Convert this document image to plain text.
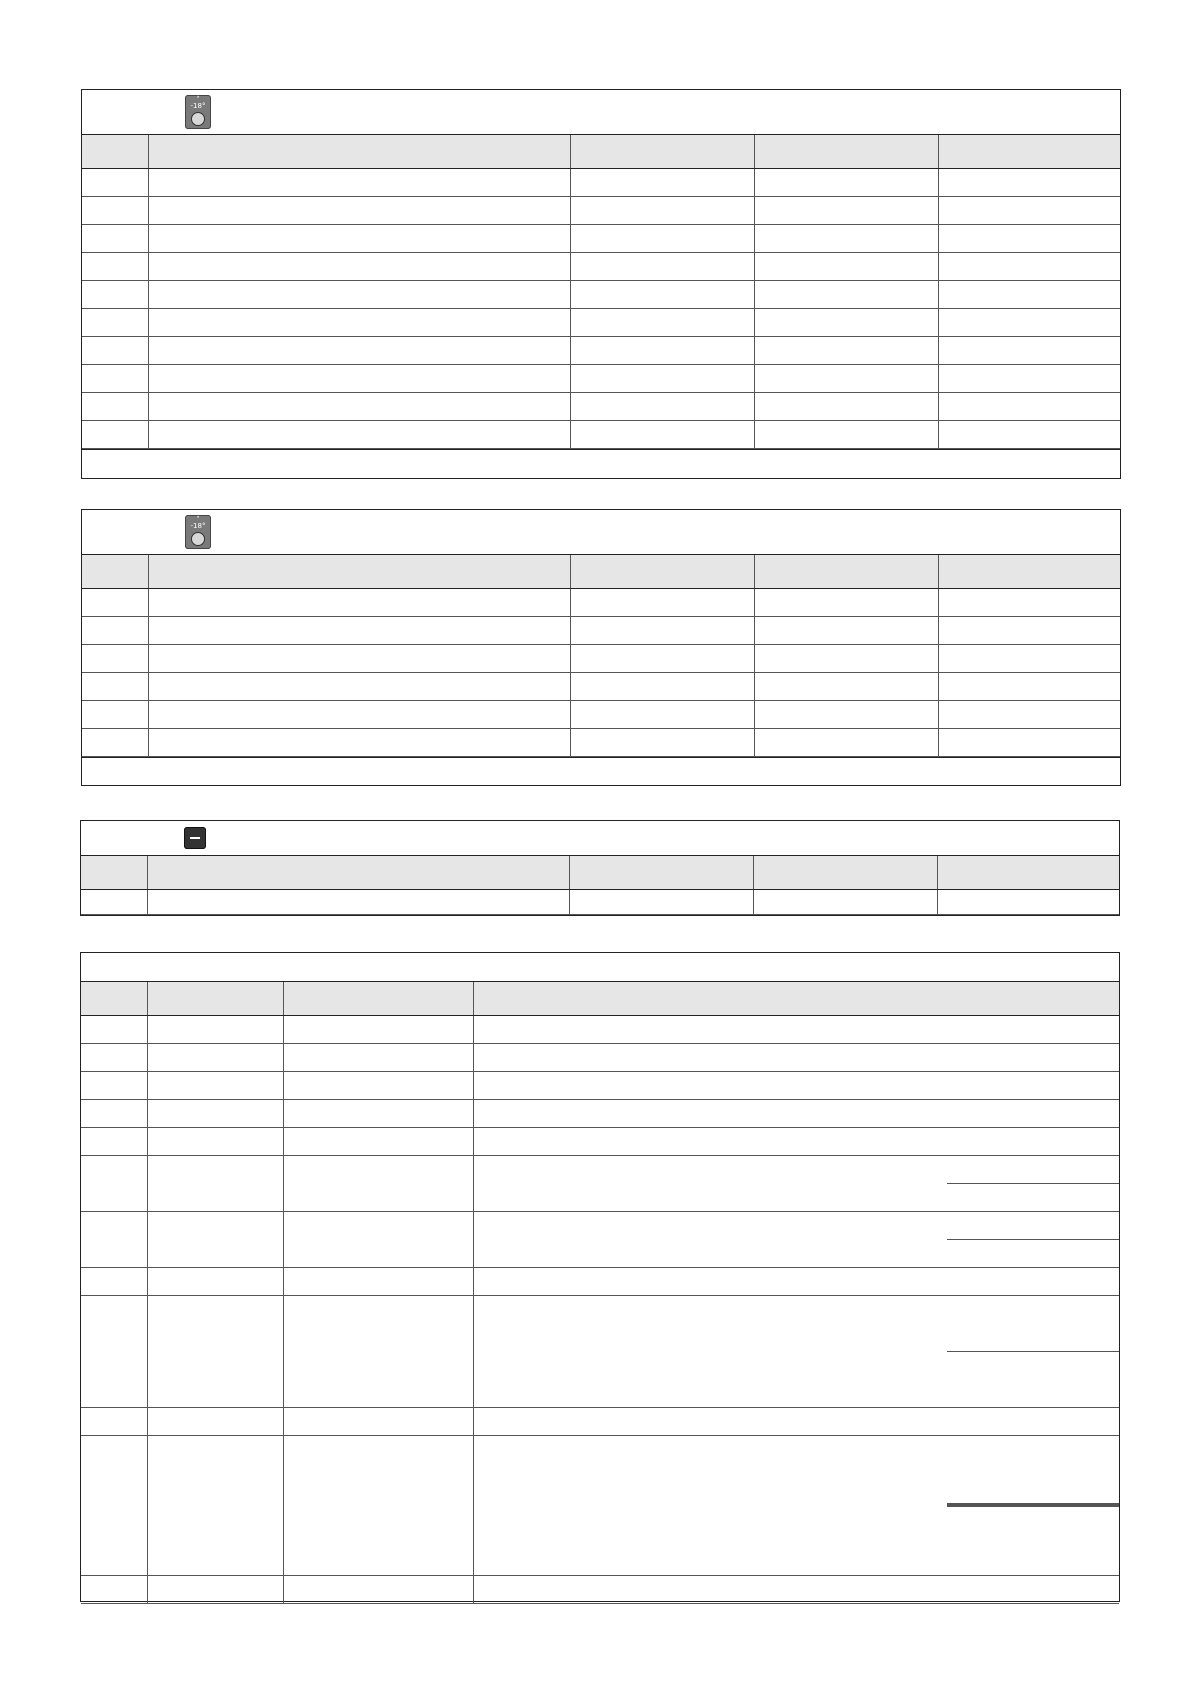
*
-18°

*
-18°
